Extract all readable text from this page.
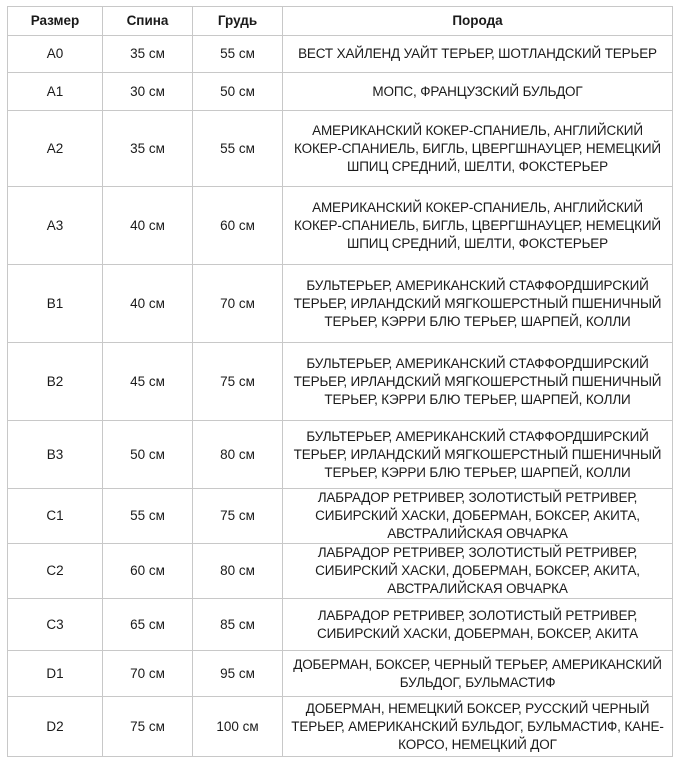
Размер	Спина	Грудь	Порода
A0	35 см	55 см	ВЕСТ ХАЙЛЕНД УАЙТ ТЕРЬЕР, ШОТЛАНДСКИЙ ТЕРЬЕР
A1	30 см	50 см	МОПС, ФРАНЦУЗСКИЙ БУЛЬДОГ
A2	35 см	55 см	АМЕРИКАНСКИЙ КОКЕР-СПАНИЕЛЬ, АНГЛИЙСКИЙ КОКЕР-СПАНИЕЛЬ, БИГЛЬ, ЦВЕРГШНАУЦЕР, НЕМЕЦКИЙ ШПИЦ СРЕДНИЙ, ШЕЛТИ, ФОКСТЕРЬЕР
A3	40 см	60 см	АМЕРИКАНСКИЙ КОКЕР-СПАНИЕЛЬ, АНГЛИЙСКИЙ КОКЕР-СПАНИЕЛЬ, БИГЛЬ, ЦВЕРГШНАУЦЕР, НЕМЕЦКИЙ ШПИЦ СРЕДНИЙ, ШЕЛТИ, ФОКСТЕРЬЕР
B1	40 см	70 см	БУЛЬТЕРЬЕР, АМЕРИКАНСКИЙ СТАФФОРДШИРСКИЙ ТЕРЬЕР, ИРЛАНДСКИЙ МЯГКОШЕРСТНЫЙ ПШЕНИЧНЫЙ ТЕРЬЕР, КЭРРИ БЛЮ ТЕРЬЕР, ШАРПЕЙ, КОЛЛИ
B2	45 см	75 см	БУЛЬТЕРЬЕР, АМЕРИКАНСКИЙ СТАФФОРДШИРСКИЙ ТЕРЬЕР, ИРЛАНДСКИЙ МЯГКОШЕРСТНЫЙ ПШЕНИЧНЫЙ ТЕРЬЕР, КЭРРИ БЛЮ ТЕРЬЕР, ШАРПЕЙ, КОЛЛИ
B3	50 см	80 см	БУЛЬТЕРЬЕР, АМЕРИКАНСКИЙ СТАФФОРДШИРСКИЙ ТЕРЬЕР, ИРЛАНДСКИЙ МЯГКОШЕРСТНЫЙ ПШЕНИЧНЫЙ ТЕРЬЕР, КЭРРИ БЛЮ ТЕРЬЕР, ШАРПЕЙ, КОЛЛИ
C1	55 см	75 см	ЛАБРАДОР РЕТРИВЕР, ЗОЛОТИСТЫЙ РЕТРИВЕР, СИБИРСКИЙ ХАСКИ, ДОБЕРМАН, БОКСЕР, АКИТА, АВСТРАЛИЙСКАЯ ОВЧАРКА
C2	60 см	80 см	ЛАБРАДОР РЕТРИВЕР, ЗОЛОТИСТЫЙ РЕТРИВЕР, СИБИРСКИЙ ХАСКИ, ДОБЕРМАН, БОКСЕР, АКИТА, АВСТРАЛИЙСКАЯ ОВЧАРКА
C3	65 см	85 см	ЛАБРАДОР РЕТРИВЕР, ЗОЛОТИСТЫЙ РЕТРИВЕР, СИБИРСКИЙ ХАСКИ, ДОБЕРМАН, БОКСЕР, АКИТА
D1	70 см	95 см	ДОБЕРМАН, БОКСЕР, ЧЕРНЫЙ ТЕРЬЕР, АМЕРИКАНСКИЙ БУЛЬДОГ, БУЛЬМАСТИФ
D2	75 см	100 см	ДОБЕРМАН, НЕМЕЦКИЙ БОКСЕР, РУССКИЙ ЧЕРНЫЙ ТЕРЬЕР, АМЕРИКАНСКИЙ БУЛЬДОГ, БУЛЬМАСТИФ, КАНЕ-КОРСО, НЕМЕЦКИЙ ДОГ
